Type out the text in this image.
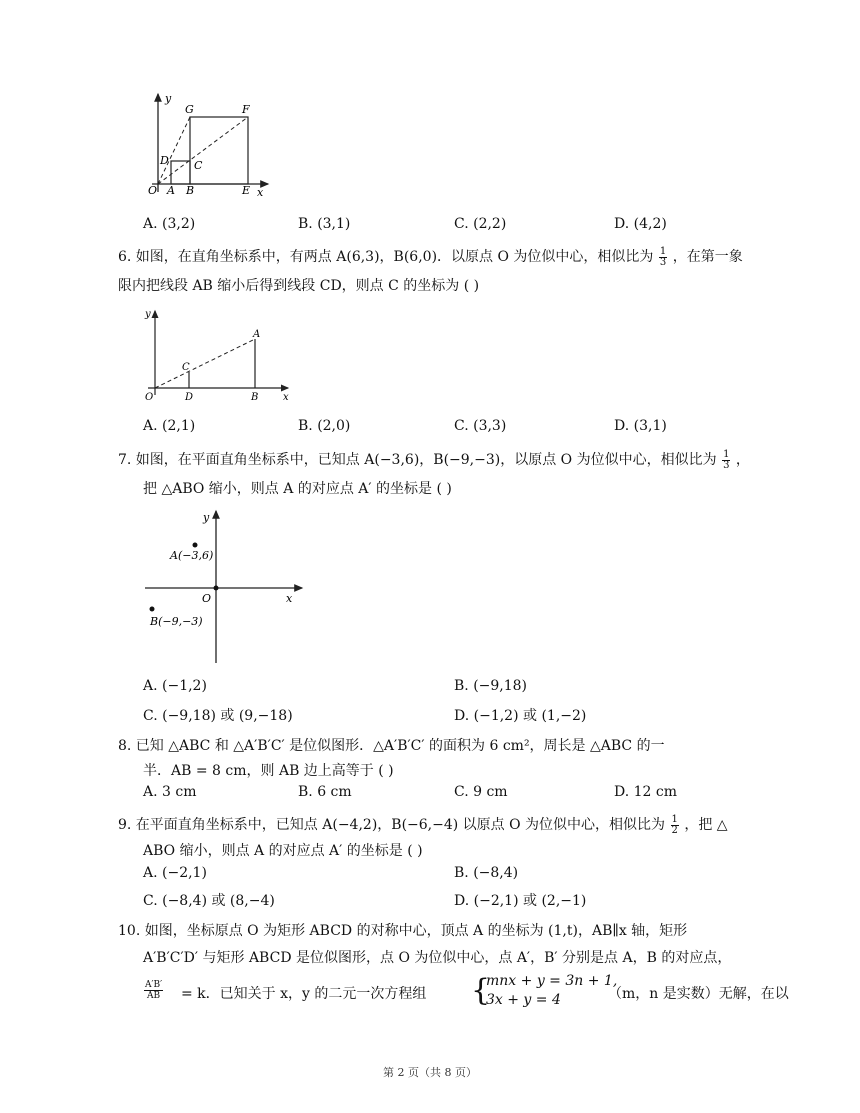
y
x
O A B	E
D C
G	F
A. (3,2)	B. (3,1)	C. (2,2)	D. (4,2)
6. 如图，在直角坐标系中，有两点 A(6,3)，B(6,0)．以原点 O 为位似中心，相似比为 $\frac{1}{3}$ ，在第一象
限内把线段 AB 缩小后得到线段 CD，则点 C 的坐标为 ( )
y
x
O	D	B
C
A
A. (2,1)	B. (2,0)	C. (3,3)	D. (3,1)
7. 如图，在平面直角坐标系中，已知点 A(−3,6)，B(−9,−3)，以原点 O 为位似中心，相似比为 $\frac{1}{3}$ ，
把 △ABO 缩小，则点 A 的对应点 A′ 的坐标是 ( )
y
x
O
A(−3,6)
B(−9,−3)
A. (−1,2)	B. (−9,18)
C. (−9,18) 或 (9,−18)	D. (−1,2) 或 (1,−2)
8. 已知 △ABC 和 △A′B′C′ 是位似图形．△A′B′C′ 的面积为 6 cm²，周长是 △ABC 的一
半．AB = 8 cm，则 AB 边上高等于 ( )
A. 3 cm	B. 6 cm	C. 9 cm	D. 12 cm
9. 在平面直角坐标系中，已知点 A(−4,2)，B(−6,−4) 以原点 O 为位似中心，相似比为 $\frac{1}{2}$ ，把 △
ABO 缩小，则点 A 的对应点 A′ 的坐标是 ( )
A. (−2,1)	B. (−8,4)
C. (−8,4) 或 (8,−4)	D. (−2,1) 或 (2,−1)
10. 如图，坐标原点 O 为矩形 ABCD 的对称中心，顶点 A 的坐标为 (1,t)，AB∥x 轴，矩形
A′B′C′D′ 与矩形 ABCD 是位似图形，点 O 为位似中心，点 A′，B′ 分别是点 A，B 的对应点，
$\frac{A'B'}{AB} = k$．已知关于 x，y 的二元一次方程组 {
mnx + y = 3n + 1,
3x + y = 4	（m，n 是实数）无解，在以
第 2 页（共 8 页）
